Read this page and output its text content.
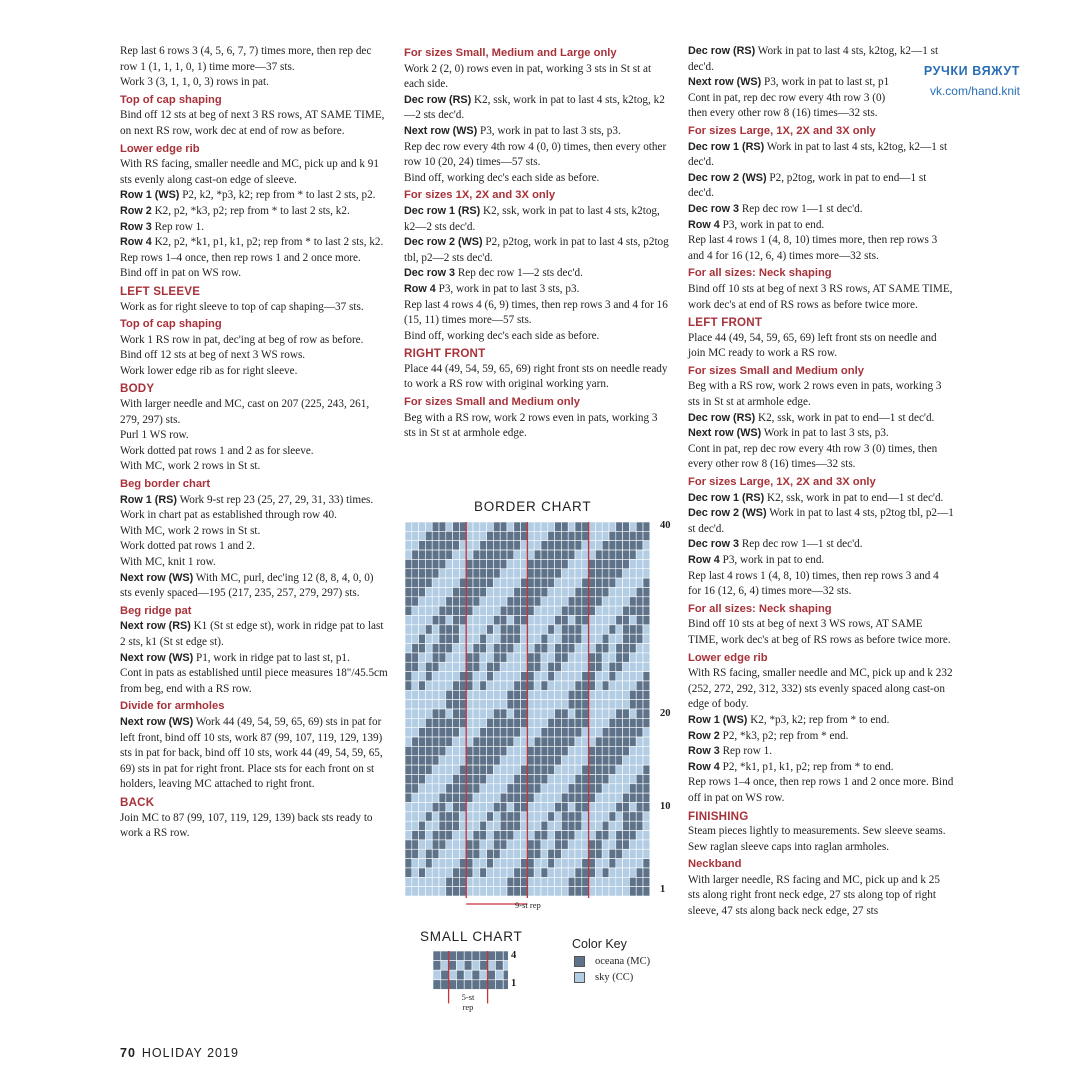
РУЧКИ ВЯЖУТ
vk.com/hand.knit
Rep last 6 rows 3 (4, 5, 6, 7, 7) times more, then rep dec row 1 (1, 1, 1, 0, 1) time more—37 sts.
Work 3 (3, 1, 1, 0, 3) rows in pat.
Top of cap shaping
Bind off 12 sts at beg of next 3 RS rows, AT SAME TIME, on next RS row, work dec at end of row as before.
Lower edge rib
With RS facing, smaller needle and MC, pick up and k 91 sts evenly along cast-on edge of sleeve.
Row 1 (WS) P2, k2, *p3, k2; rep from * to last 2 sts, p2.
Row 2 K2, p2, *k3, p2; rep from * to last 2 sts, k2.
Row 3 Rep row 1.
Row 4 K2, p2, *k1, p1, k1, p2; rep from * to last 2 sts, k2.
Rep rows 1–4 once, then rep rows 1 and 2 once more.
Bind off in pat on WS row.
LEFT SLEEVE
Work as for right sleeve to top of cap shaping—37 sts.
Top of cap shaping
Work 1 RS row in pat, dec'ing at beg of row as before.
Bind off 12 sts at beg of next 3 WS rows.
Work lower edge rib as for right sleeve.
BODY
With larger needle and MC, cast on 207 (225, 243, 261, 279, 297) sts.
Purl 1 WS row.
Work dotted pat rows 1 and 2 as for sleeve.
With MC, work 2 rows in St st.
Beg border chart
Row 1 (RS) Work 9-st rep 23 (25, 27, 29, 31, 33) times.
Work in chart pat as established through row 40.
With MC, work 2 rows in St st.
Work dotted pat rows 1 and 2.
With MC, knit 1 row.
Next row (WS) With MC, purl, dec'ing 12 (8, 8, 4, 0, 0) sts evenly spaced—195 (217, 235, 257, 279, 297) sts.
Beg ridge pat
Next row (RS) K1 (St st edge st), work in ridge pat to last 2 sts, k1 (St st edge st).
Next row (WS) P1, work in ridge pat to last st, p1.
Cont in pats as established until piece measures 18"/45.5cm from beg, end with a RS row.
Divide for armholes
Next row (WS) Work 44 (49, 54, 59, 65, 69) sts in pat for left front, bind off 10 sts, work 87 (99, 107, 119, 129, 139) sts in pat for back, bind off 10 sts, work 44 (49, 54, 59, 65, 69) sts in pat for right front. Place sts for each front on st holders, leaving MC attached to right front.
BACK
Join MC to 87 (99, 107, 119, 129, 139) back sts ready to work a RS row.
For sizes Small, Medium and Large only
Work 2 (2, 0) rows even in pat, working 3 sts in St st at each side.
Dec row (RS) K2, ssk, work in pat to last 4 sts, k2tog, k2—2 sts dec'd.
Next row (WS) P3, work in pat to last 3 sts, p3.
Rep dec row every 4th row 4 (0, 0) times, then every other row 10 (20, 24) times—57 sts.
Bind off, working dec's each side as before.
For sizes 1X, 2X and 3X only
Dec row 1 (RS) K2, ssk, work in pat to last 4 sts, k2tog, k2—2 sts dec'd.
Dec row 2 (WS) P2, p2tog, work in pat to last 4 sts, p2tog tbl, p2—2 sts dec'd.
Dec row 3 Rep dec row 1—2 sts dec'd.
Row 4 P3, work in pat to last 3 sts, p3.
Rep last 4 rows 4 (6, 9) times, then rep rows 3 and 4 for 16 (15, 11) times more—57 sts.
Bind off, working dec's each side as before.
RIGHT FRONT
Place 44 (49, 54, 59, 65, 69) right front sts on needle ready to work a RS row with original working yarn.
For sizes Small and Medium only
Beg with a RS row, work 2 rows even in pats, working 3 sts in St st at armhole edge.
Dec row (RS) Work in pat to last 4 sts, k2tog, k2—1 st dec'd.
Next row (WS) P3, work in pat to last st, p1
Cont in pat, rep dec row every 4th row 3 (0)
then every other row 8 (16) times—32 sts.
For sizes Large, 1X, 2X and 3X only
Dec row 1 (RS) Work in pat to last 4 sts, k2tog, k2—1 st dec'd.
Dec row 2 (WS) P2, p2tog, work in pat to end—1 st dec'd.
Dec row 3 Rep dec row 1—1 st dec'd.
Row 4 P3, work in pat to end.
Rep last 4 rows 1 (4, 8, 10) times more, then rep rows 3 and 4 for 16 (12, 6, 4) times more—32 sts.
For all sizes: Neck shaping
Bind off 10 sts at beg of next 3 RS rows, AT SAME TIME, work dec's at end of RS rows as before twice more.
LEFT FRONT
Place 44 (49, 54, 59, 65, 69) left front sts on needle and join MC ready to work a RS row.
For sizes Small and Medium only
Beg with a RS row, work 2 rows even in pats, working 3 sts in St st at armhole edge.
Dec row (RS) K2, ssk, work in pat to end—1 st dec'd.
Next row (WS) Work in pat to last 3 sts, p3.
Cont in pat, rep dec row every 4th row 3 (0) times, then every other row 8 (16) times—32 sts.
For sizes Large, 1X, 2X and 3X only
Dec row 1 (RS) K2, ssk, work in pat to end—1 st dec'd.
Dec row 2 (WS) Work in pat to last 4 sts, p2tog tbl, p2—1 st dec'd.
Dec row 3 Rep dec row 1—1 st dec'd.
Row 4 P3, work in pat to end.
Rep last 4 rows 1 (4, 8, 10) times, then rep rows 3 and 4 for 16 (12, 6, 4) times more—32 sts.
For all sizes: Neck shaping
Bind off 10 sts at beg of next 3 WS rows, AT SAME TIME, work dec's at beg of RS rows as before twice more.
Lower edge rib
With RS facing, smaller needle and MC, pick up and k 232 (252, 272, 292, 312, 332) sts evenly spaced along cast-on edge of body.
Row 1 (WS) K2, *p3, k2; rep from * to end.
Row 2 P2, *k3, p2; rep from * end.
Row 3 Rep row 1.
Row 4 P2, *k1, p1, k1, p2; rep from * to end.
Rep rows 1–4 once, then rep rows 1 and 2 once more. Bind off in pat on WS row.
FINISHING
Steam pieces lightly to measurements. Sew sleeve seams. Sew raglan sleeve caps into raglan armholes.
Neckband
With larger needle, RS facing and MC, pick up and k 25 sts along right front neck edge, 27 sts along top of right sleeve, 47 sts along back neck edge, 27 sts
BORDER CHART
40
20
10
1
9-st rep
SMALL CHART
4
1
5-st rep
Color Key
oceana (MC)
sky (CC)
70 HOLIDAY 2019
